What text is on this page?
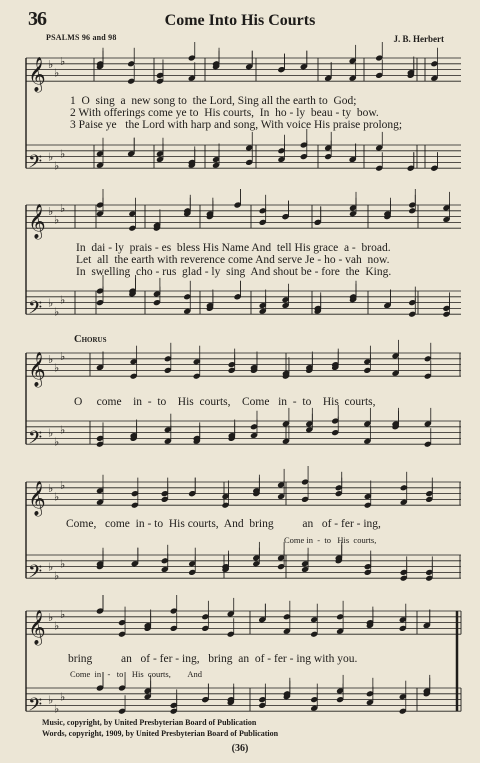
𝄞 ♭
♭
♭
𝄢 ♭
♭
♭
𝄞 ♭
♭
♭
𝄢 ♭
♭
♭
𝄞 ♭
♭
♭
𝄢 ♭
♭
♭
𝄞 ♭
♭
♭
𝄢 ♭
♭
♭
𝄞 ♭
♭
♭
𝄢 ♭
♭
♭
36	Come Into His Courts
PSALMS 96 and 98	J. B. Herbert
1  O  sing  a  new song to  the Lord, Sing all the earth to  God;
2 With offerings come ye to  His courts,  In  ho - ly  beau - ty  bow.
3 Paise ye   the Lord with harp and song, With voice His praise prolong;
In  dai - ly  prais - es  bless His Name And  tell His grace  a -  broad.
Let  all  the earth with reverence come And serve Je - ho - vah  now.
In  swelling  cho - rus  glad - ly  sing  And shout be - fore  the  King.
Chorus
O     come    in  -  to    His  courts,    Come   in  -  to    His  courts,
Come,   come  in - to  His courts,  And  bring          an   of - fer - ing,
Come in  -  to   His  courts,
bring          an   of - fer - ing,   bring  an  of - fer - ing with you.
Come  in   -   to    His  courts,        And
Music, copyright, by United Presbyterian Board of Publication
Words, copyright, 1909, by United Presbyterian Board of Publication
(36)
